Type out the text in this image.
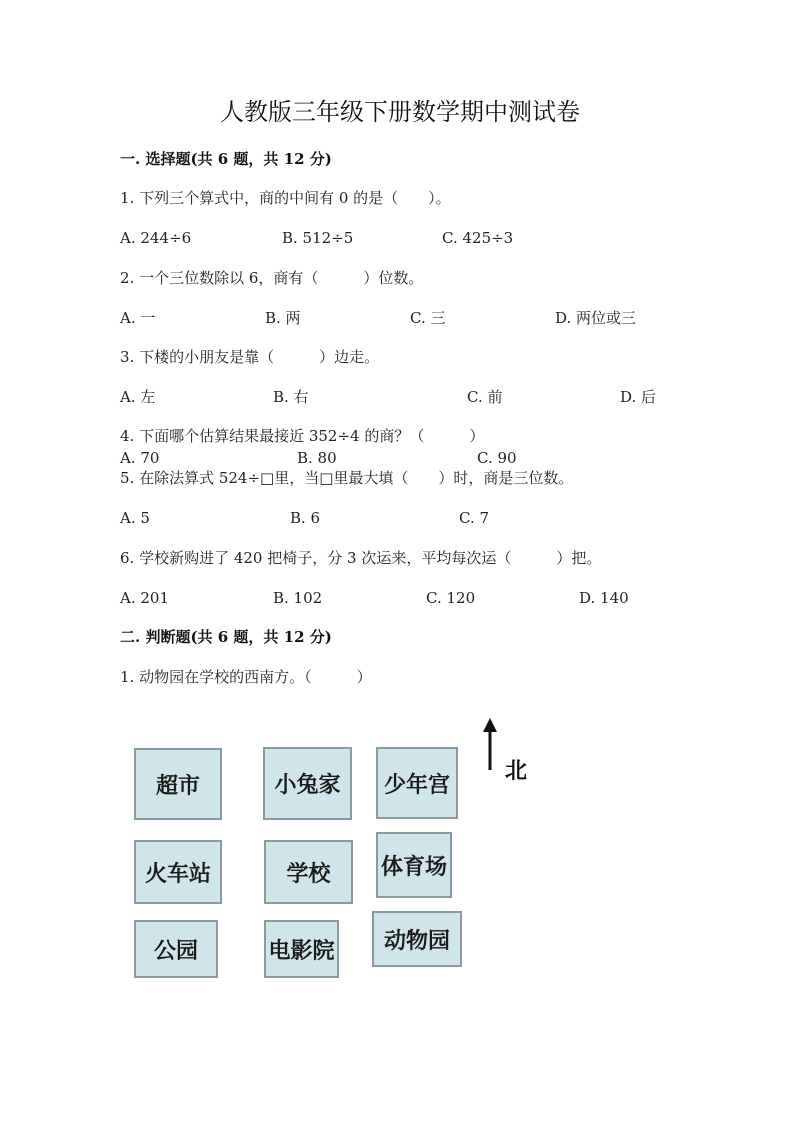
人教版三年级下册数学期中测试卷
一. 选择题(共 6 题，共 12 分)
1. 下列三个算式中，商的中间有 0 的是（　　）。
A. 244÷6	B. 512÷5	C. 425÷3
2. 一个三位数除以 6，商有（　　　）位数。
A. 一	B. 两	C. 三	D. 两位或三
3. 下楼的小朋友是靠（　　　）边走。
A. 左	B. 右	C. 前	D. 后
4. 下面哪个估算结果最接近 352÷4 的商？（　　　）
A. 70	B. 80	C. 90
5. 在除法算式 524÷□里，当□里最大填（　　）时，商是三位数。
A. 5	B. 6	C. 7
6. 学校新购进了 420 把椅子，分 3 次运来，平均每次运（　　　）把。
A. 201	B. 102	C. 120	D. 140
二. 判断题(共 6 题，共 12 分)
1. 动物园在学校的西南方。（　　　）
超市	小兔家	少年宫
火车站	学校	体育场
公园	电影院	动物园
北
